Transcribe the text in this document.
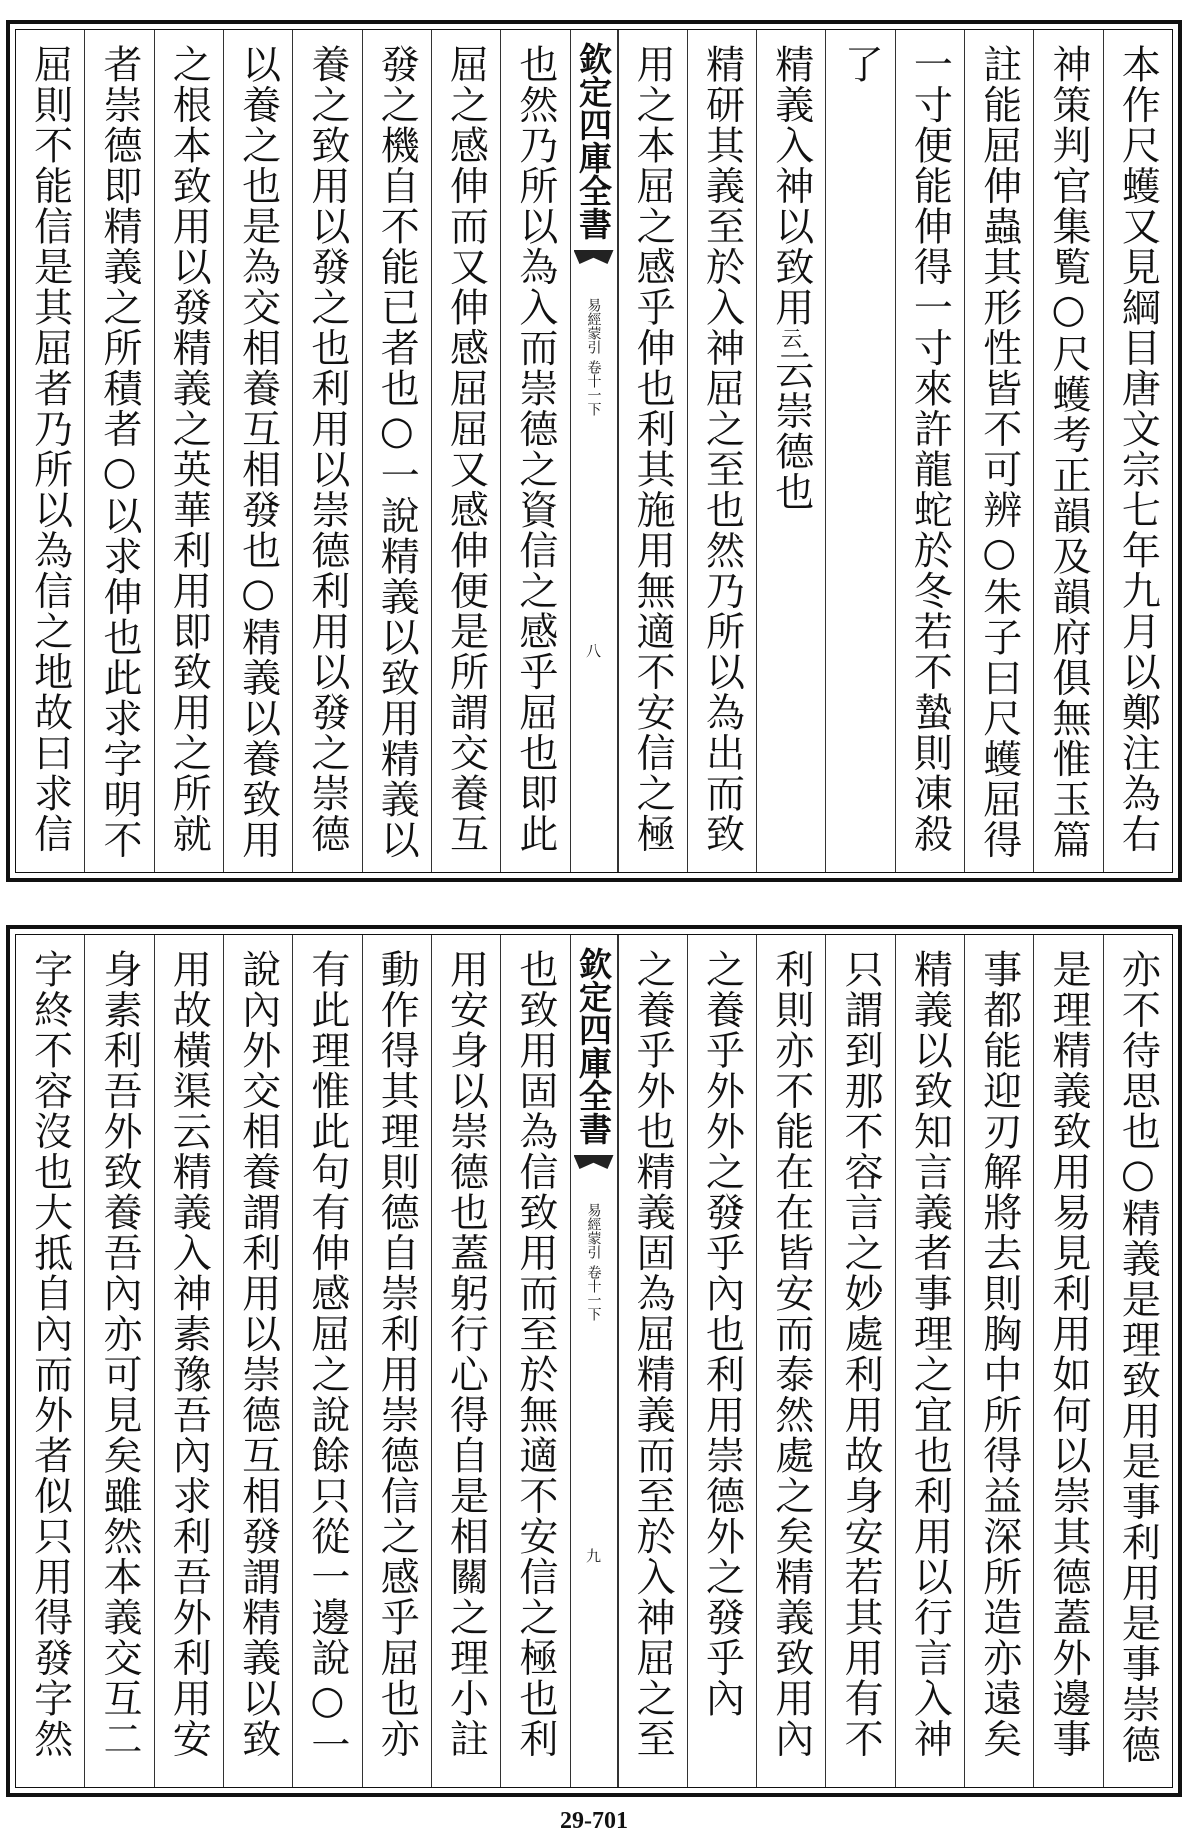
本作尺蠖又見綱目唐文宗七年九月以鄭注為右
神策判官集覧○尺蠖考正韻及韻府俱無惟玉篇
註能屈伸蟲其形性皆不可辨○朱子曰尺蠖屈得
一寸便能伸得一寸來許龍蛇於冬若不蟄則凍殺
了
精義入神以致用云云崇德也
精研其義至於入神屈之至也然乃所以為出而致
用之本屈之感乎伸也利其施用無適不安信之極
欽定四庫全書
易經蒙引
卷十一下
八
也然乃所以為入而崇德之資信之感乎屈也即此
屈之感伸而又伸感屈屈又感伸便是所謂交養互
發之機自不能已者也○一說精義以致用精義以
養之致用以發之也利用以崇德利用以發之崇德
以養之也是為交相養互相發也○精義以養致用
之根本致用以發精義之英華利用即致用之所就
者崇德即精義之所積者○以求伸也此求字明不
屈則不能信是其屈者乃所以為信之地故曰求信
亦不待思也○精義是理致用是事利用是事崇德
是理精義致用易見利用如何以崇其德蓋外邊事
事都能迎刃解將去則胸中所得益深所造亦遠矣
精義以致知言義者事理之宜也利用以行言入神
只謂到那不容言之妙處利用故身安若其用有不
利則亦不能在在皆安而泰然處之矣精義致用內
之養乎外外之發乎內也利用崇德外之發乎內
之養乎外也精義固為屈精義而至於入神屈之至
欽定四庫全書
易經蒙引
卷十一下
九
也致用固為信致用而至於無適不安信之極也利
用安身以崇德也蓋躬行心得自是相關之理小註
動作得其理則德自崇利用崇德信之感乎屈也亦
有此理惟此句有伸感屈之說餘只從一邊說○一
說內外交相養謂利用以崇德互相發謂精義以致
用故橫渠云精義入神素豫吾內求利吾外利用安
身素利吾外致養吾內亦可見矣雖然本義交互二
字終不容沒也大抵自內而外者似只用得發字然
29-701
